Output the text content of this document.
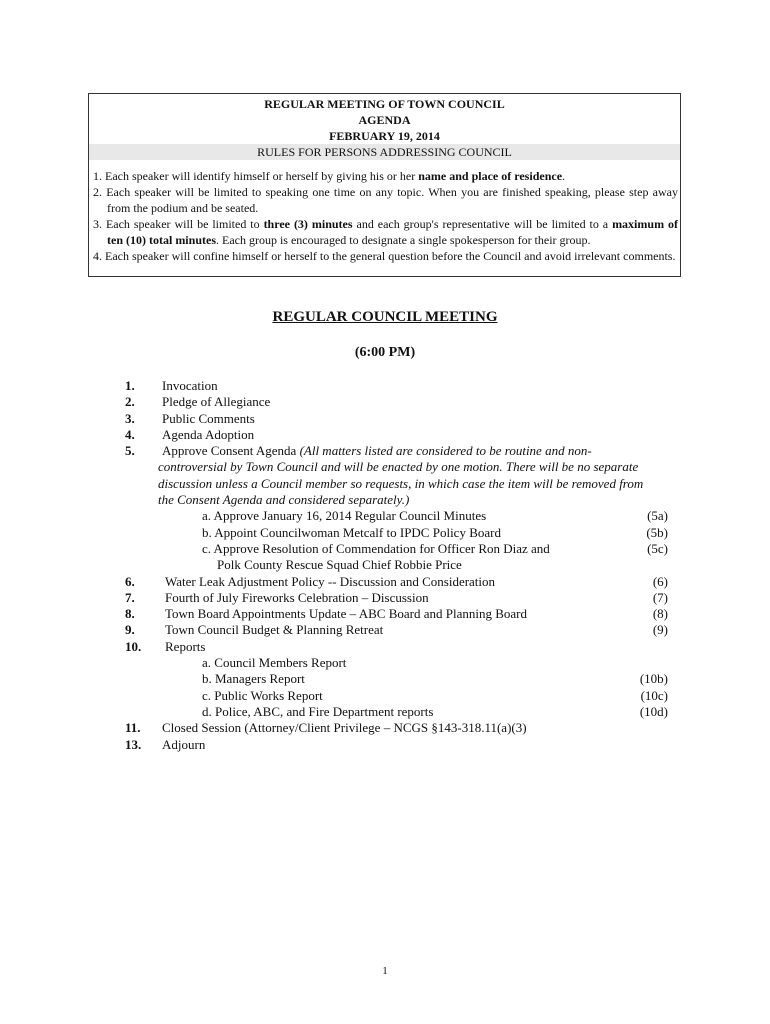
REGULAR MEETING OF TOWN COUNCIL

AGENDA

FEBRUARY 19, 2014

RULES FOR PERSONS ADDRESSING COUNCIL

1. Each speaker will identify himself or herself by giving his or her name and place of residence.

2. Each speaker will be limited to speaking one time on any topic. When you are finished speaking, please step away from the podium and be seated.

3. Each speaker will be limited to three (3) minutes and each group's representative will be limited to a maximum of ten (10) total minutes. Each group is encouraged to designate a single spokesperson for their group.

4. Each speaker will confine himself or herself to the general question before the Council and avoid irrelevant comments.

REGULAR COUNCIL MEETING
(6:00 PM)
1. Invocation
2. Pledge of Allegiance
3. Public Comments
4. Agenda Adoption
5. Approve Consent Agenda (All matters listed are considered to be routine and non-
controversial by Town Council and will be enacted by one motion. There will be no separate
discussion unless a Council member so requests, in which case the item will be removed from
the Consent Agenda and considered separately.)
a. Approve January 16, 2014 Regular Council Minutes	(5a)
b. Appoint Councilwoman Metcalf to IPDC Policy Board	(5b)
c. Approve Resolution of Commendation for Officer Ron Diaz and	(5c)
Polk County Rescue Squad Chief Robbie Price
6. Water Leak Adjustment Policy -- Discussion and Consideration	(6)
7. Fourth of July Fireworks Celebration – Discussion	(7)
8. Town Board Appointments Update – ABC Board and Planning Board	(8)
9. Town Council Budget & Planning Retreat	(9)
10. Reports
a. Council Members Report
b. Managers Report	(10b)
c. Public Works Report	(10c)
d. Police, ABC, and Fire Department reports	(10d)
11. Closed Session (Attorney/Client Privilege – NCGS §143-318.11(a)(3)
13. Adjourn
1
